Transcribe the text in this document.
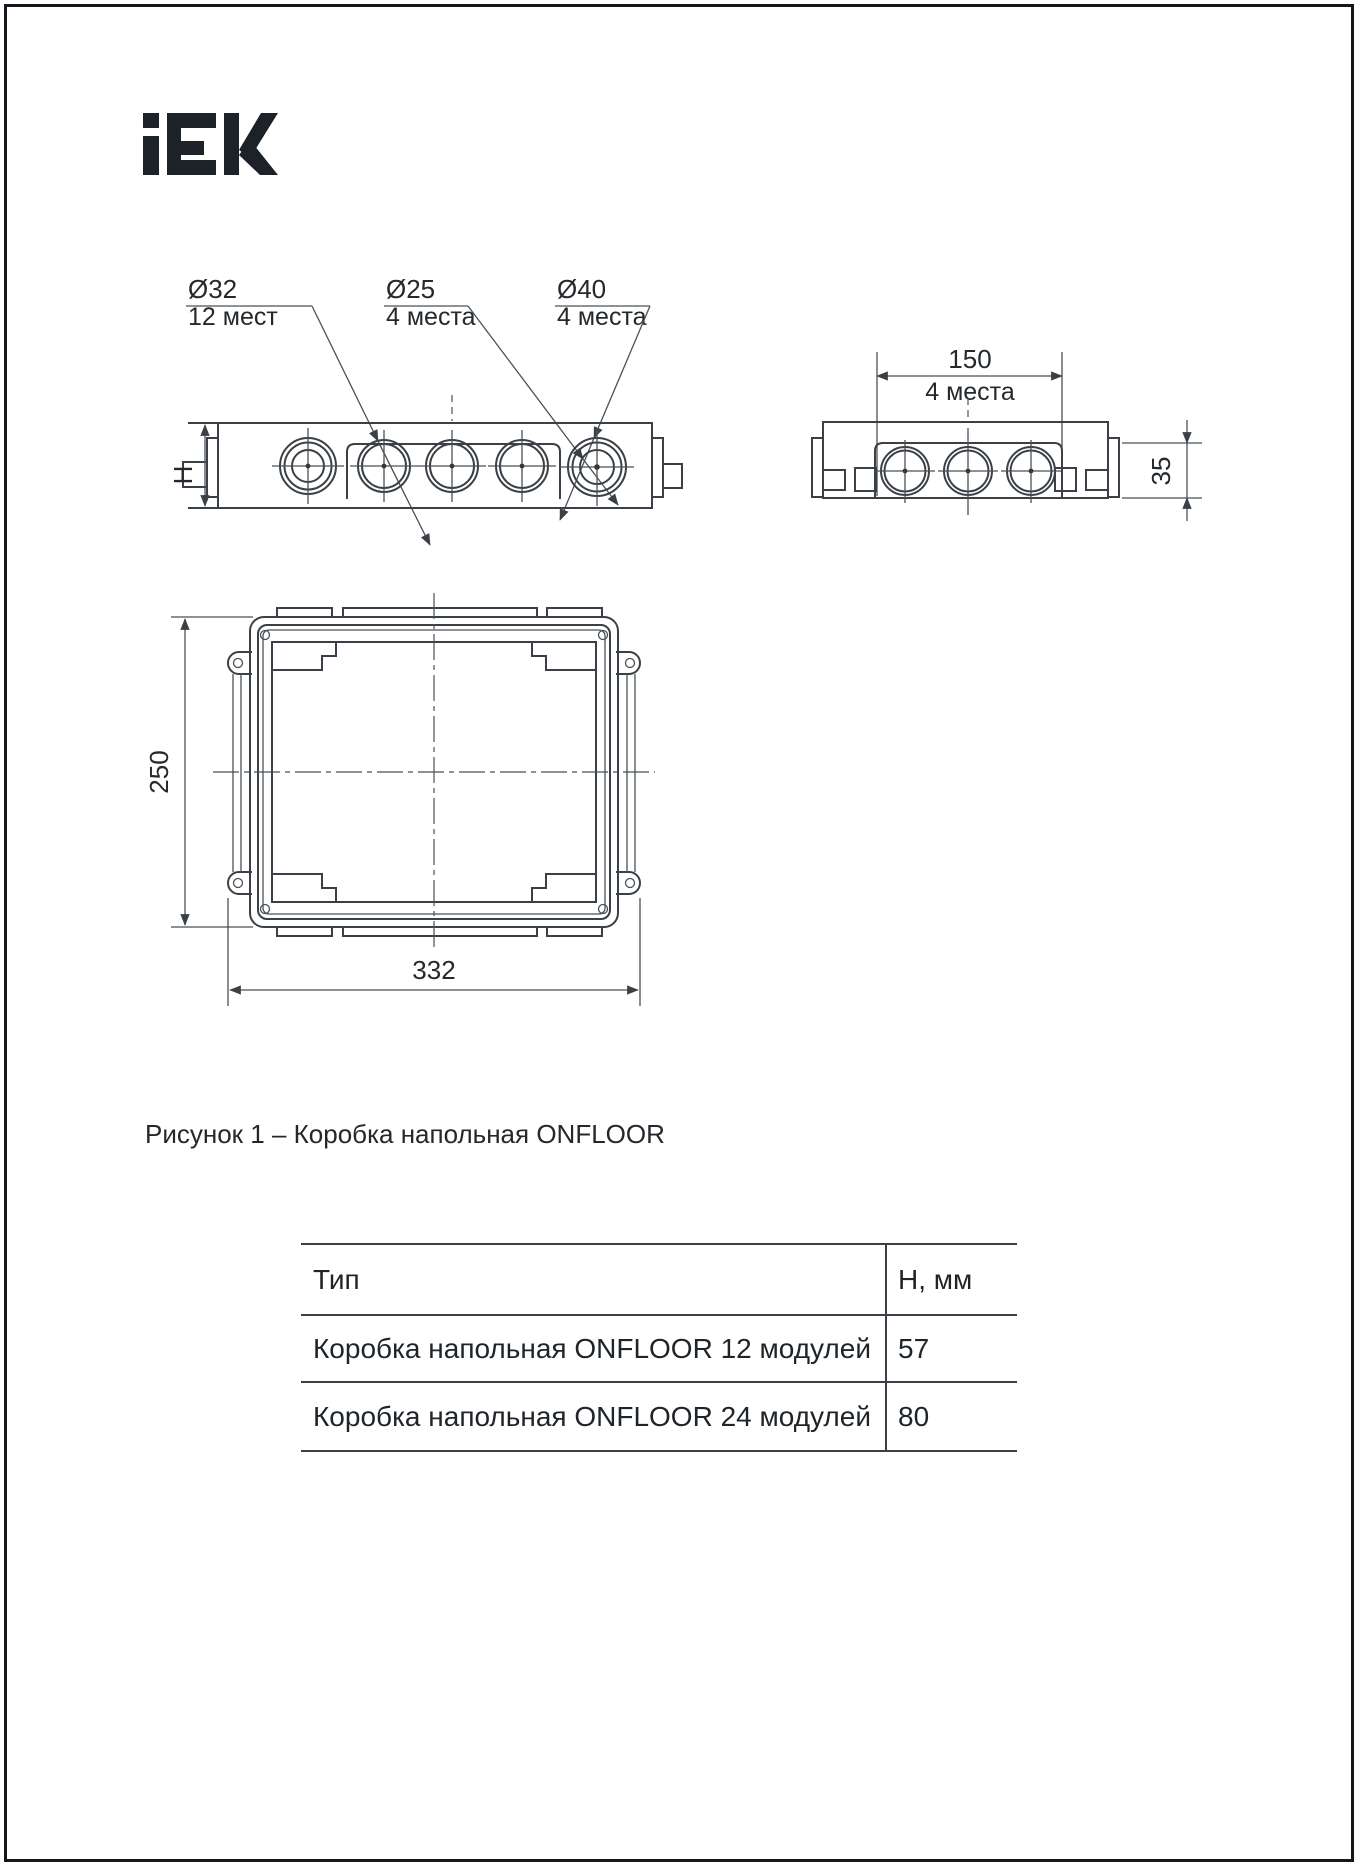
Ø32
12 мест
Ø25
4 места
Ø40
4 места
H
150
4 места
35
250
332
Рисунок 1 – Коробка напольная ONFLOOR
Тип	H, мм
Коробка напольная ONFLOOR 12 модулей 57
Коробка напольная ONFLOOR 24 модулей 80
